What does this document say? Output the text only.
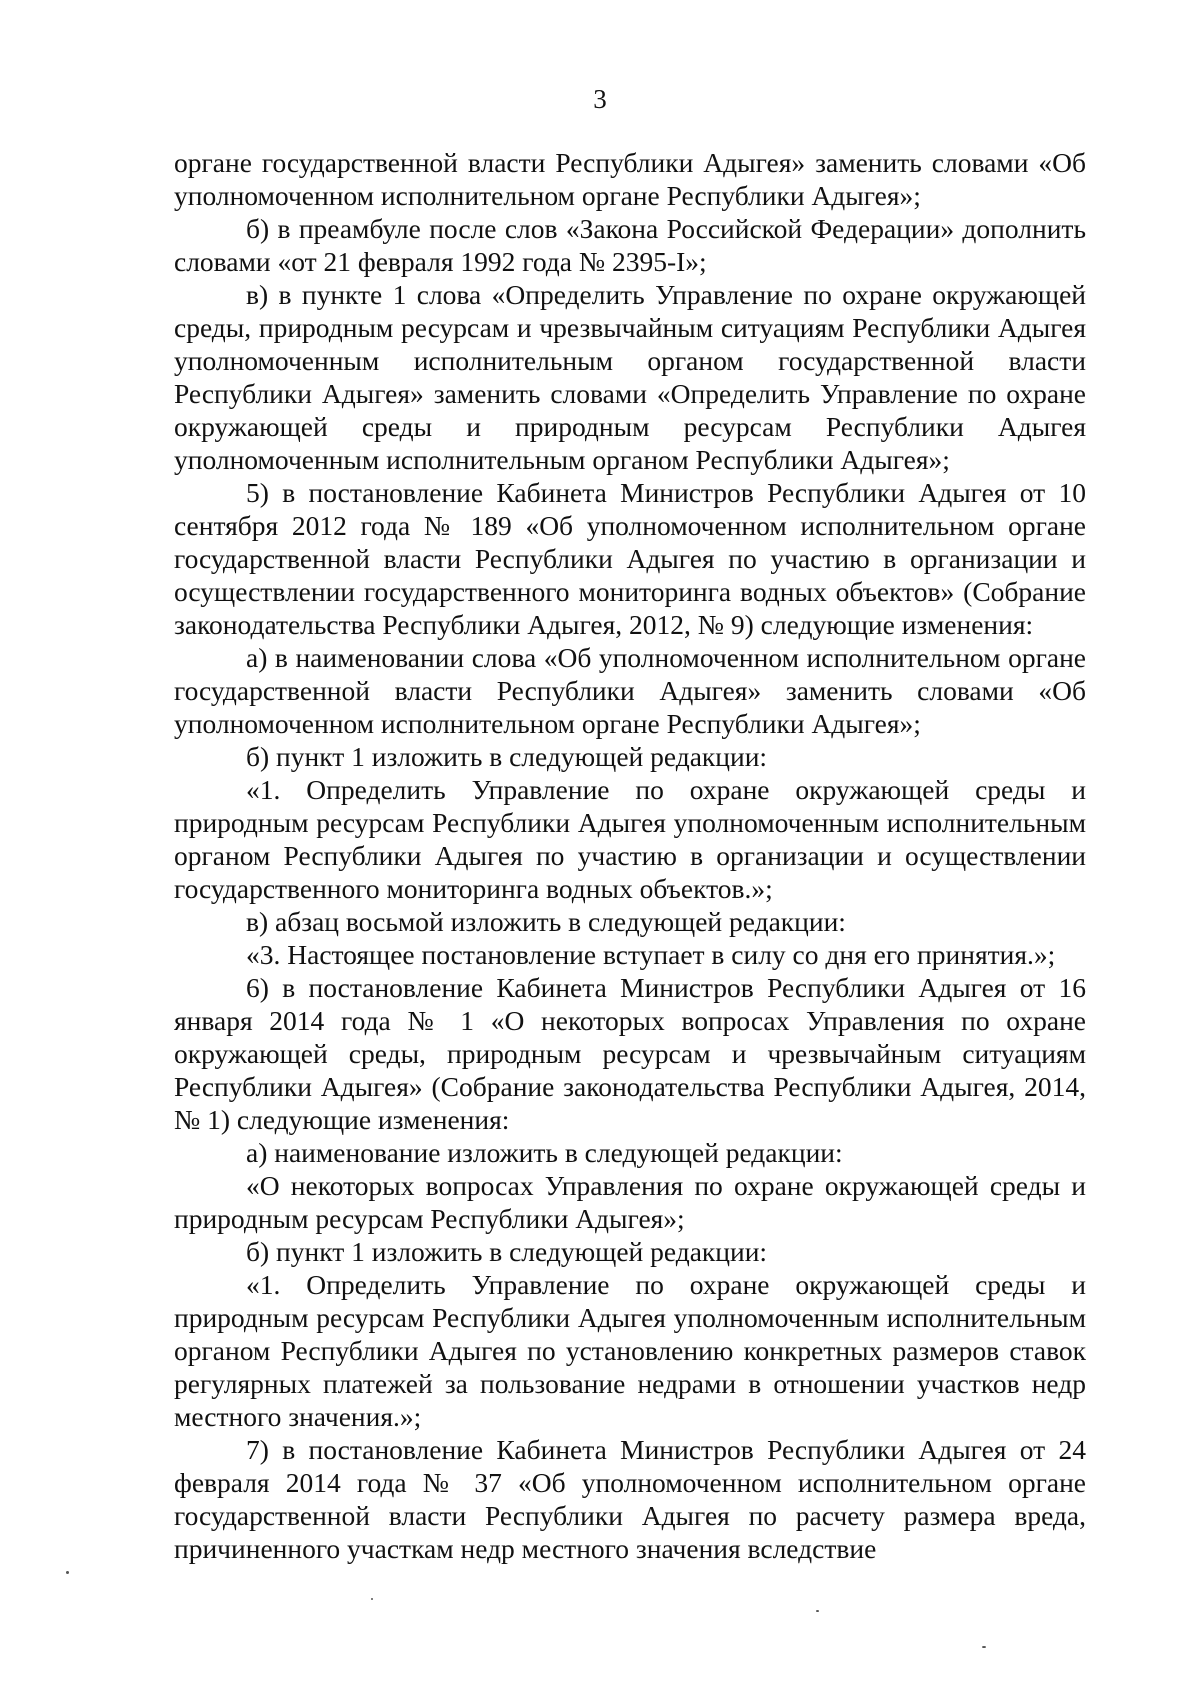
3

органе государственной власти Республики Адыгея» заменить словами «Об уполномоченном исполнительном органе Республики Адыгея»;

б) в преамбуле после слов «Закона Российской Федерации» дополнить словами «от 21 февраля 1992 года № 2395-I»;

в) в пункте 1 слова «Определить Управление по охране окружающей среды, природным ресурсам и чрезвычайным ситуациям Республики Адыгея уполномоченным исполнительным органом государственной власти Республики Адыгея» заменить словами «Определить Управление по охране окружающей среды и природным ресурсам Республики Адыгея уполномоченным исполнительным органом Республики Адыгея»;

5) в постановление Кабинета Министров Республики Адыгея от 10 сентября 2012 года № 189 «Об уполномоченном исполнительном органе государственной власти Республики Адыгея по участию в организации и осуществлении государственного мониторинга водных объектов» (Собрание законодательства Республики Адыгея, 2012, № 9) следующие изменения:

а) в наименовании слова «Об уполномоченном исполнительном органе государственной власти Республики Адыгея» заменить словами «Об уполномоченном исполнительном органе Республики Адыгея»;

б) пункт 1 изложить в следующей редакции:

«1. Определить Управление по охране окружающей среды и природным ресурсам Республики Адыгея уполномоченным исполнительным органом Республики Адыгея по участию в организации и осуществлении государственного мониторинга водных объектов.»;

в) абзац восьмой изложить в следующей редакции:

«3. Настоящее постановление вступает в силу со дня его принятия.»;

6) в постановление Кабинета Министров Республики Адыгея от 16 января 2014 года № 1 «О некоторых вопросах Управления по охране окружающей среды, природным ресурсам и чрезвычайным ситуациям Республики Адыгея» (Собрание законодательства Республики Адыгея, 2014, № 1) следующие изменения:

а) наименование изложить в следующей редакции:

«О некоторых вопросах Управления по охране окружающей среды и природным ресурсам Республики Адыгея»;

б) пункт 1 изложить в следующей редакции:

«1. Определить Управление по охране окружающей среды и природным ресурсам Республики Адыгея уполномоченным исполнительным органом Республики Адыгея по установлению конкретных размеров ставок регулярных платежей за пользование недрами в отношении участков недр местного значения.»;

7) в постановление Кабинета Министров Республики Адыгея от 24 февраля 2014 года № 37 «Об уполномоченном исполнительном органе государственной власти Республики Адыгея по расчету размера вреда, причиненного участкам недр местного значения вследствие
